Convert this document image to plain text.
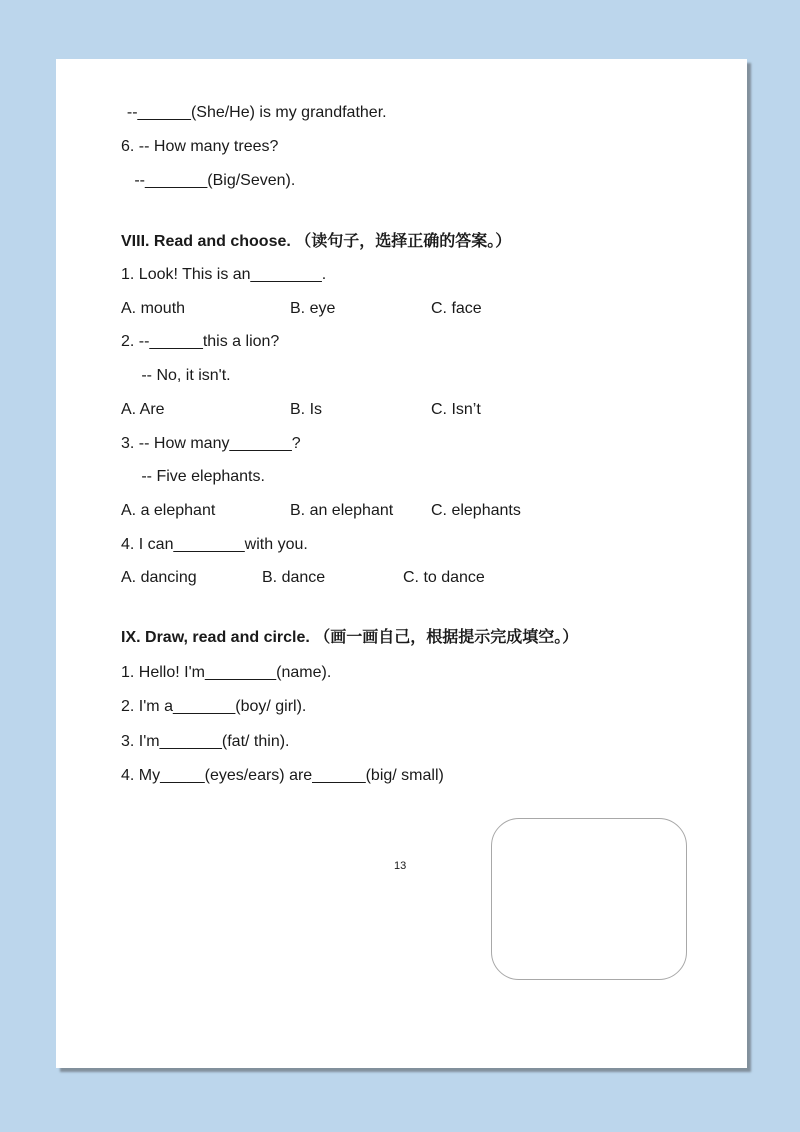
--______(She/He) is my grandfather.
6. -- How many trees?
--_______(Big/Seven).
VIII. Read and choose. （读句子，选择正确的答案。）
1. Look! This is an________.
A. mouth	B. eye	C. face
2. --______this a lion?
-- No, it isn't.
A. Are	B. Is	C. Isn’t
3. -- How many_______?
-- Five elephants.
A. a elephant	B. an elephant C. elephants
4. I can________with you.
A. dancing	B. dance	C. to dance
IX. Draw, read and circle. （画一画自己，根据提示完成填空。）
1. Hello! I'm________(name).
2. I'm a_______(boy/ girl).
3. I'm_______(fat/ thin).
4. My_____(eyes/ears) are______(big/ small)
13
